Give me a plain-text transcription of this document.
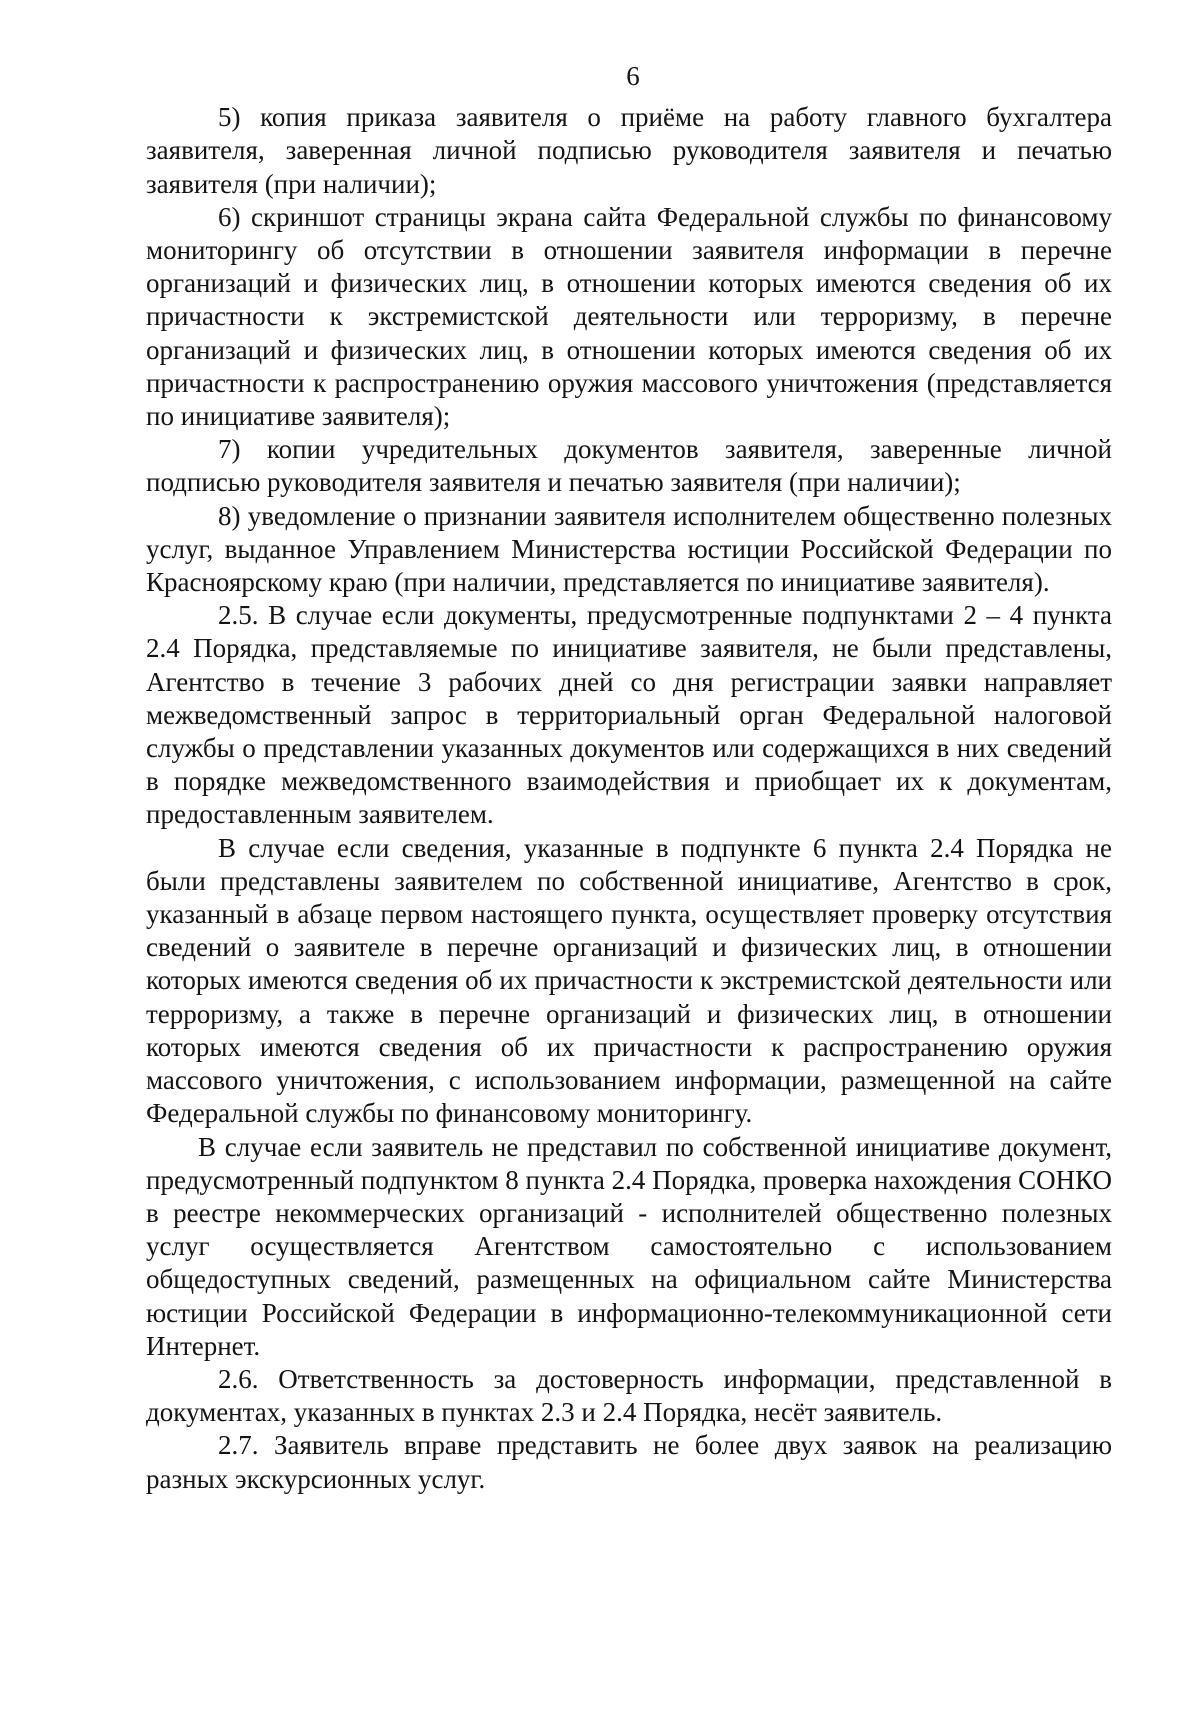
6

5) копия приказа заявителя о приёме на работу главного бухгалтера заявителя, заверенная личной подписью руководителя заявителя и печатью заявителя (при наличии);

6) скриншот страницы экрана сайта Федеральной службы по финансовому мониторингу об отсутствии в отношении заявителя информации в перечне организаций и физических лиц, в отношении которых имеются сведения об их причастности к экстремистской деятельности или терроризму, в перечне организаций и физических лиц, в отношении которых имеются сведения об их причастности к распространению оружия массового уничтожения (представляется по инициативе заявителя);

7) копии учредительных документов заявителя, заверенные личной подписью руководителя заявителя и печатью заявителя (при наличии);

8) уведомление о признании заявителя исполнителем общественно полезных услуг, выданное Управлением Министерства юстиции Российской Федерации по Красноярскому краю (при наличии, представляется по инициативе заявителя).

2.5. В случае если документы, предусмотренные подпунктами 2 – 4 пункта 2.4 Порядка, представляемые по инициативе заявителя, не были представлены, Агентство в течение 3 рабочих дней со дня регистрации заявки направляет межведомственный запрос в территориальный орган Федеральной налоговой службы о представлении указанных документов или содержащихся в них сведений в порядке межведомственного взаимодействия и приобщает их к документам, предоставленным заявителем.

В случае если сведения, указанные в подпункте 6 пункта 2.4 Порядка не были представлены заявителем по собственной инициативе, Агентство в срок, указанный в абзаце первом настоящего пункта, осуществляет проверку отсутствия сведений о заявителе в перечне организаций и физических лиц, в отношении которых имеются сведения об их причастности к экстремистской деятельности или терроризму, а также в перечне организаций и физических лиц, в отношении которых имеются сведения об их причастности к распространению оружия массового уничтожения, с использованием информации, размещенной на сайте Федеральной службы по финансовому мониторингу.

В случае если заявитель не представил по собственной инициативе документ, предусмотренный подпунктом 8 пункта 2.4 Порядка, проверка нахождения СОНКО в реестре некоммерческих организаций - исполнителей общественно полезных услуг осуществляется Агентством самостоятельно с использованием общедоступных сведений, размещенных на официальном сайте Министерства юстиции Российской Федерации в информационно-телекоммуникационной сети Интернет.

2.6. Ответственность за достоверность информации, представленной в документах, указанных в пунктах 2.3 и 2.4 Порядка, несёт заявитель.

2.7. Заявитель вправе представить не более двух заявок на реализацию разных экскурсионных услуг.
